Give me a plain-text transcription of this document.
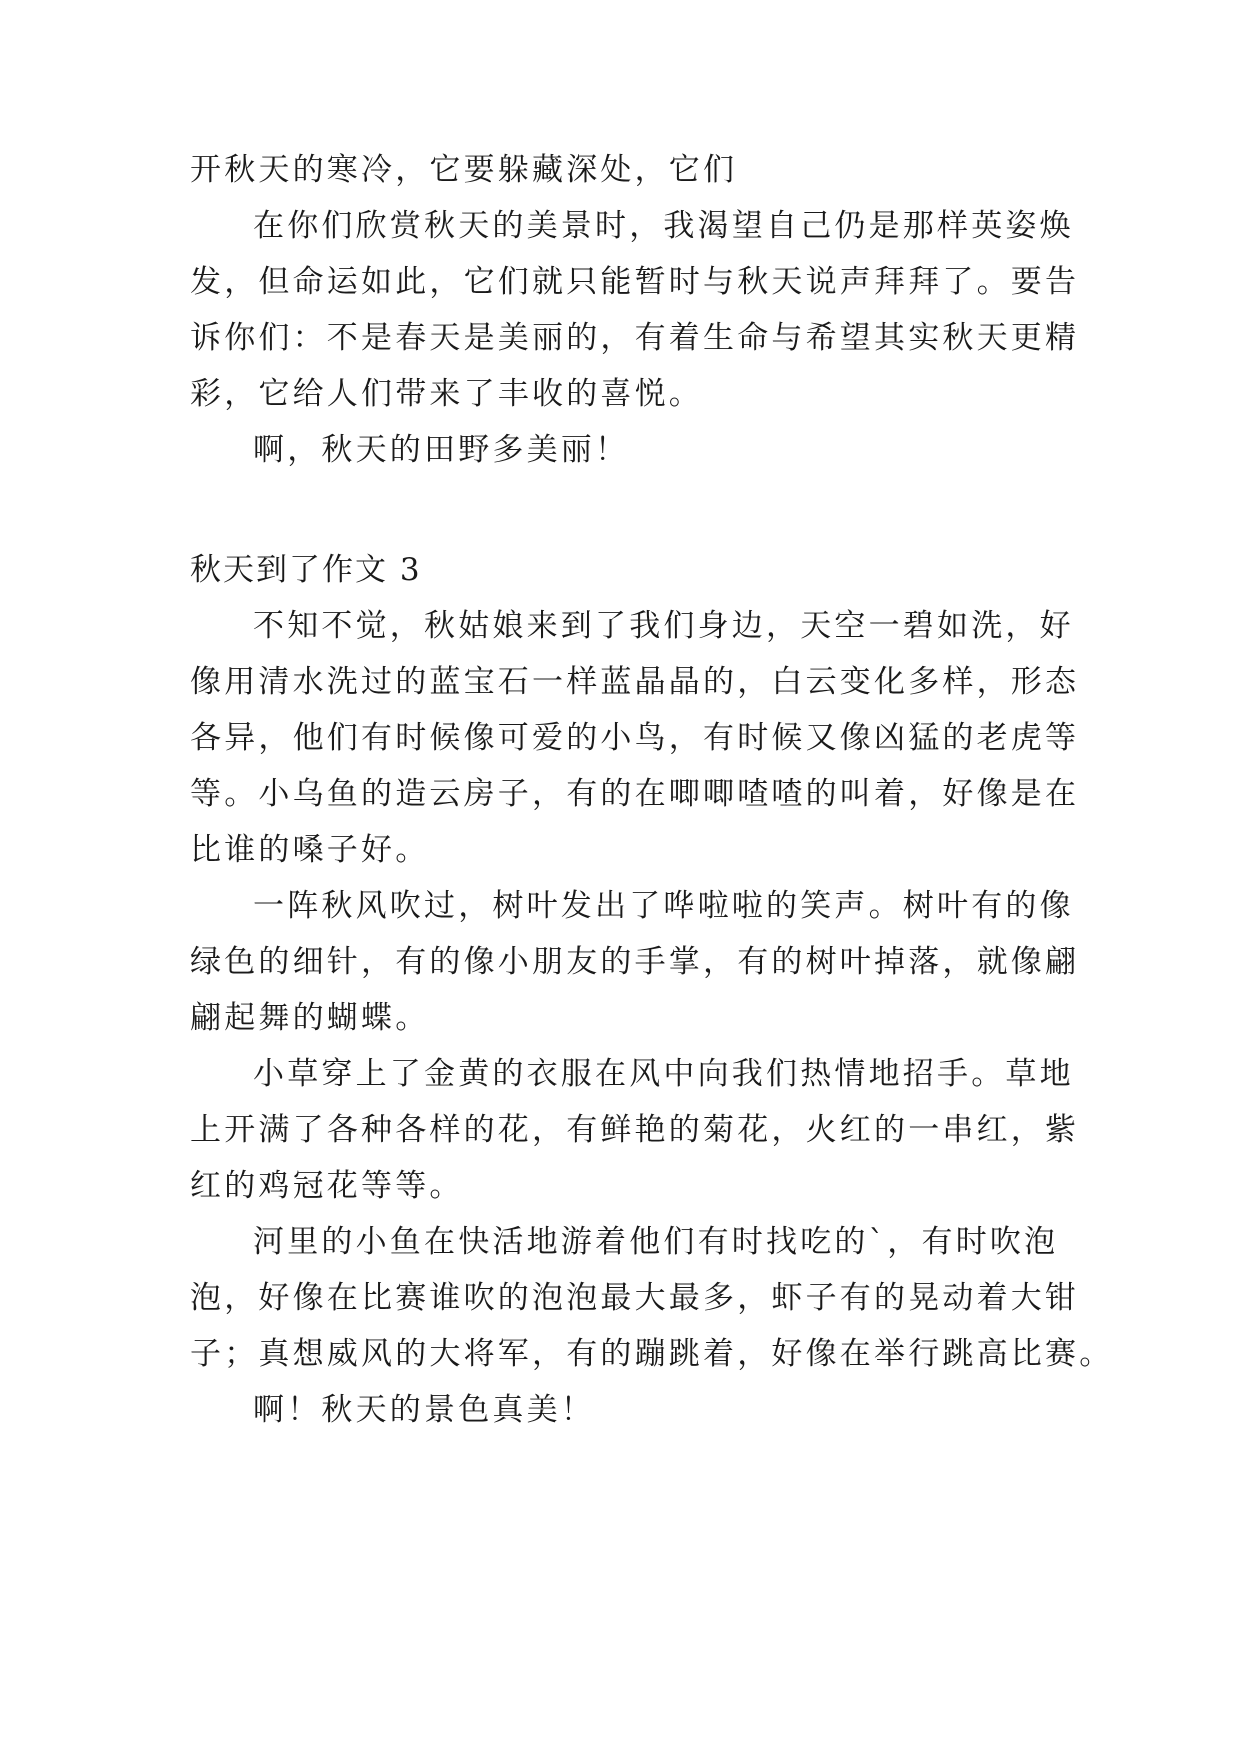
开秋天的寒冷，它要躲藏深处，它们
在你们欣赏秋天的美景时，我渴望自己仍是那样英姿焕
发，但命运如此，它们就只能暂时与秋天说声拜拜了。要告
诉你们：不是春天是美丽的，有着生命与希望其实秋天更精
彩，它给人们带来了丰收的喜悦。
啊，秋天的田野多美丽！
秋天到了作文 3
不知不觉，秋姑娘来到了我们身边，天空一碧如洗，好
像用清水洗过的蓝宝石一样蓝晶晶的，白云变化多样，形态
各异，他们有时候像可爱的小鸟，有时候又像凶猛的老虎等
等。小乌鱼的造云房子，有的在唧唧喳喳的叫着，好像是在
比谁的嗓子好。
一阵秋风吹过，树叶发出了哗啦啦的笑声。树叶有的像
绿色的细针，有的像小朋友的手掌，有的树叶掉落，就像翩
翩起舞的蝴蝶。
小草穿上了金黄的衣服在风中向我们热情地招手。草地
上开满了各种各样的花，有鲜艳的菊花，火红的一串红，紫
红的鸡冠花等等。
河里的小鱼在快活地游着他们有时找吃的`，有时吹泡
泡，好像在比赛谁吹的泡泡最大最多，虾子有的晃动着大钳
子；真想威风的大将军，有的蹦跳着，好像在举行跳高比赛。
啊！秋天的景色真美！
